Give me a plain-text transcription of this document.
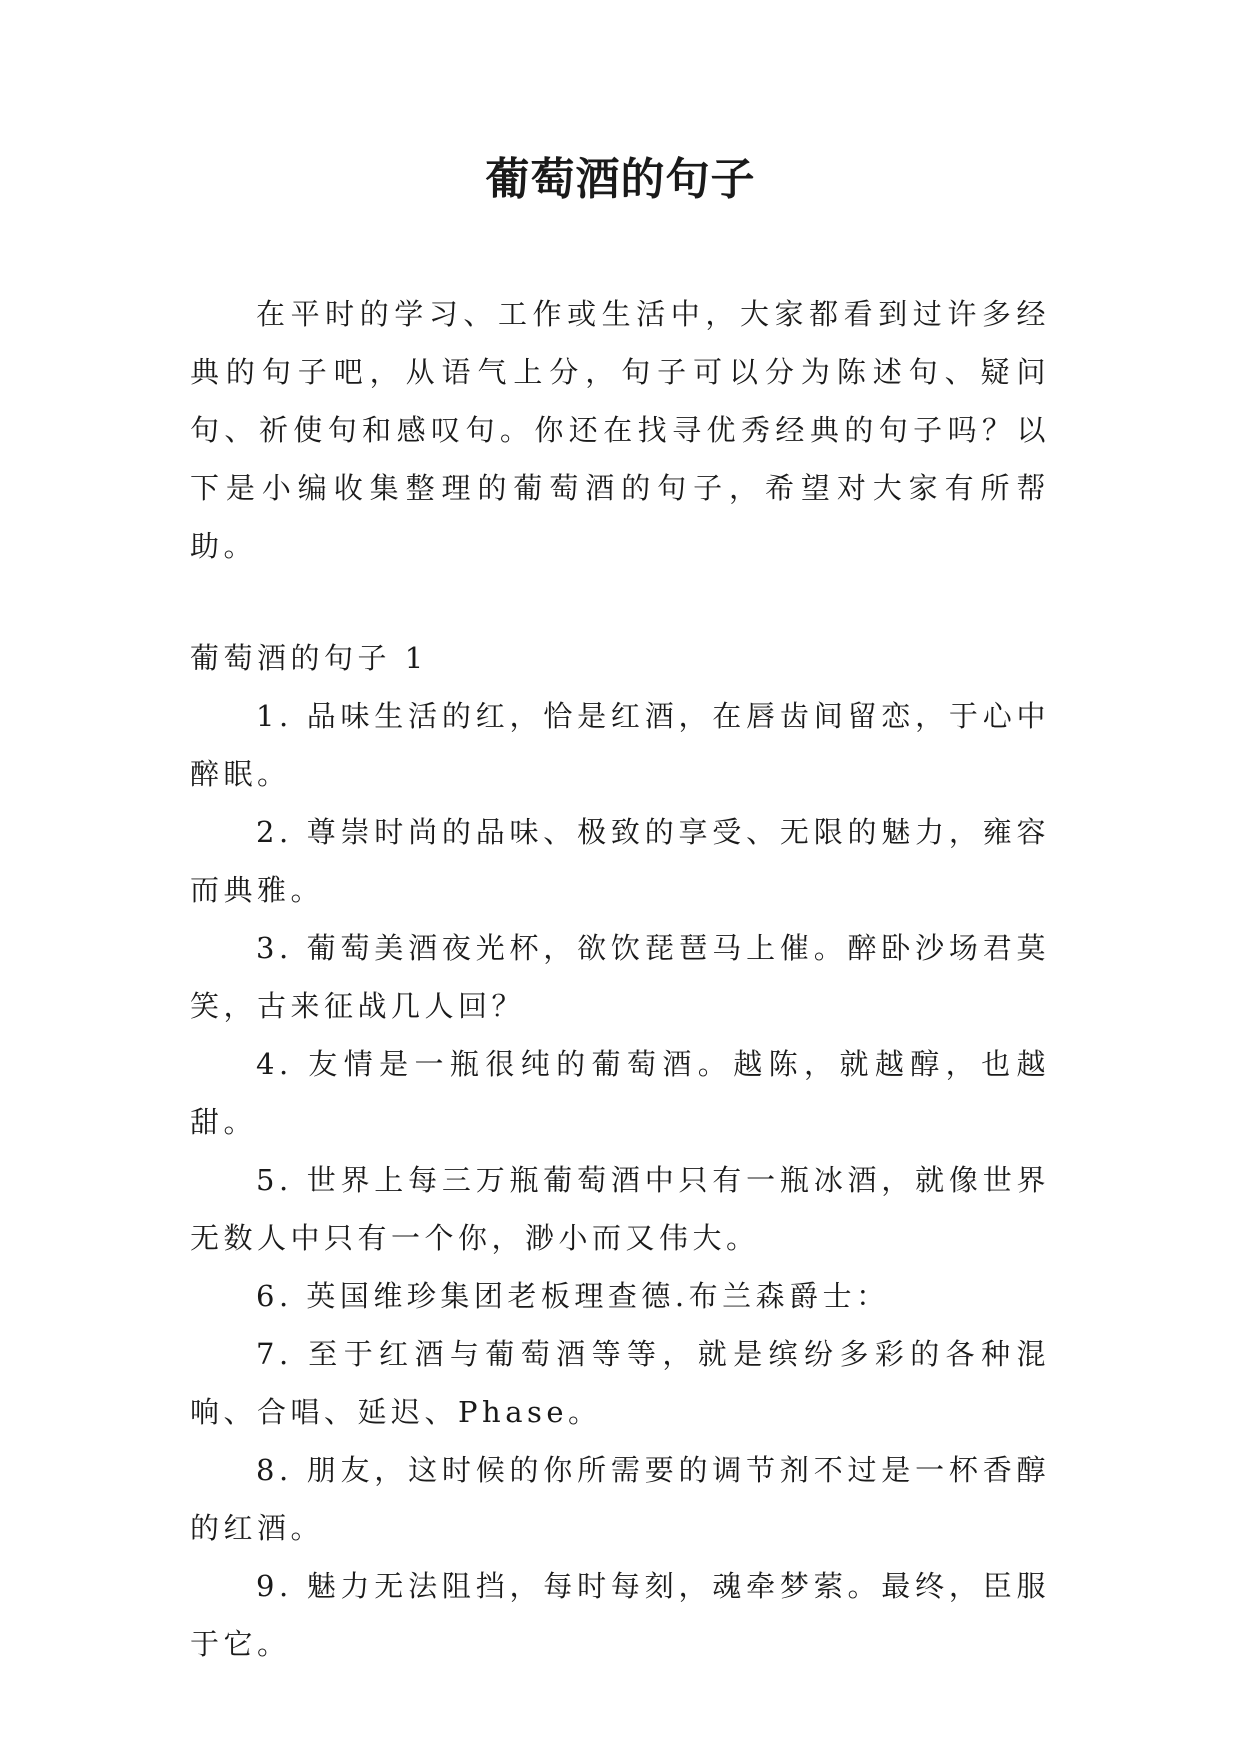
葡萄酒的句子

在平时的学习、工作或生活中，大家都看到过许多经典的句子吧，从语气上分，句子可以分为陈述句、疑问句、祈使句和感叹句。你还在找寻优秀经典的句子吗？以下是小编收集整理的葡萄酒的句子，希望对大家有所帮助。

葡萄酒的句子 1

1. 品味生活的红，恰是红酒，在唇齿间留恋，于心中醉眠。

2. 尊崇时尚的品味、极致的享受、无限的魅力，雍容而典雅。

3. 葡萄美酒夜光杯，欲饮琵琶马上催。醉卧沙场君莫笑，古来征战几人回？

4. 友情是一瓶很纯的葡萄酒。越陈，就越醇，也越甜。

5. 世界上每三万瓶葡萄酒中只有一瓶冰酒，就像世界无数人中只有一个你，渺小而又伟大。

6. 英国维珍集团老板理查德.布兰森爵士：

7. 至于红酒与葡萄酒等等，就是缤纷多彩的各种混响、合唱、延迟、Phase。

8. 朋友，这时候的你所需要的调节剂不过是一杯香醇的红酒。

9. 魅力无法阻挡，每时每刻，魂牵梦萦。最终，臣服于它。
